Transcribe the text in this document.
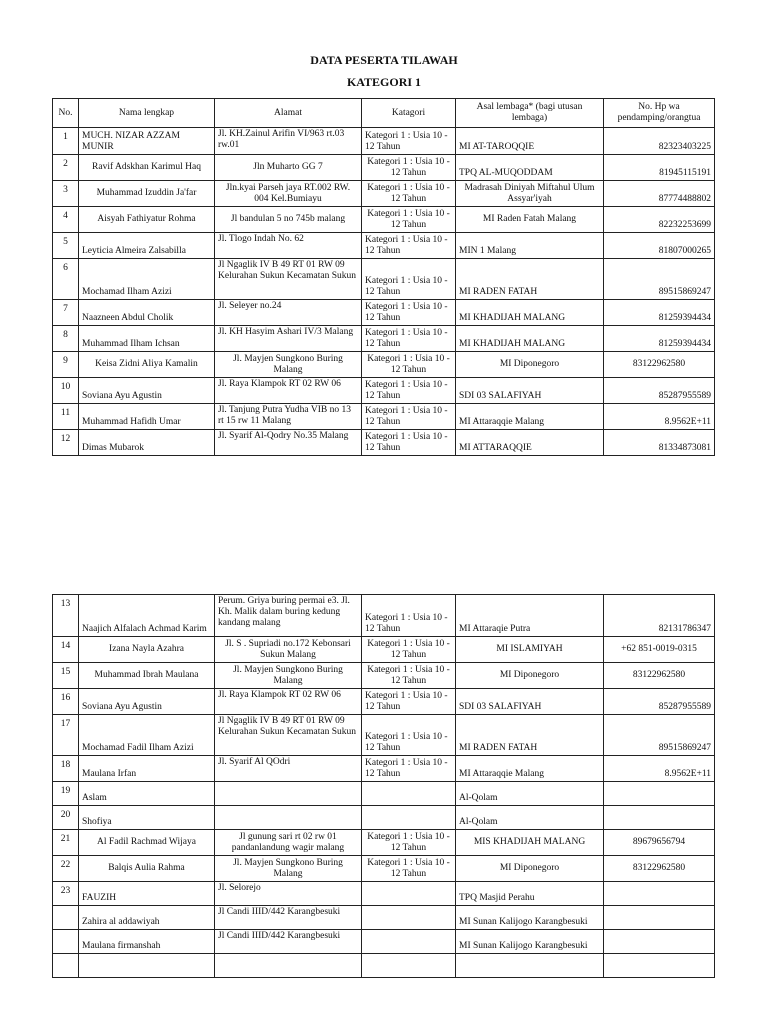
DATA PESERTA TILAWAH
KATEGORI 1
No.	Nama lengkap	Alamat	Katagori	Asal lembaga* (bagi utusan lembaga)	No. Hp wa pendamping/orangtua
1	MUCH. NIZAR AZZAM MUNIR	Jl. KH.Zainul Arifin VI/963 rt.03 rw.01	Kategori 1 : Usia 10 - 12 Tahun	MI AT-TAROQQIE	82323403225
2	Ravif Adskhan Karimul Haq	Jln Muharto GG 7	Kategori 1 : Usia 10 - 12 Tahun	TPQ AL-MUQODDAM	81945115191
3	Muhammad Izuddin Ja'far	Jln.kyai Parseh jaya RT.002 RW. 004 Kel.Bumiayu	Kategori 1 : Usia 10 - 12 Tahun	Madrasah Diniyah Miftahul Ulum Assyar'iyah	87774488802
4	Aisyah Fathiyatur Rohma	Jl bandulan 5 no 745b malang	Kategori 1 : Usia 10 - 12 Tahun	MI Raden Fatah Malang	82232253699
5	Leyticia Almeira Zalsabilla	Jl. Tlogo Indah No. 62	Kategori 1 : Usia 10 - 12 Tahun	MIN 1 Malang	81807000265
6	Mochamad Ilham Azizi	Jl Ngaglik IV B 49 RT 01 RW 09 Kelurahan Sukun Kecamatan Sukun	Kategori 1 : Usia 10 - 12 Tahun	MI RADEN FATAH	89515869247
7	Naazneen Abdul Cholik	Jl. Seleyer no.24	Kategori 1 : Usia 10 - 12 Tahun	MI KHADIJAH MALANG	81259394434
8	Muhammad Ilham Ichsan	Jl. KH Hasyim Ashari IV/3 Malang	Kategori 1 : Usia 10 - 12 Tahun	MI KHADIJAH MALANG	81259394434
9	Keisa Zidni Aliya Kamalin	Jl. Mayjen Sungkono Buring Malang	Kategori 1 : Usia 10 - 12 Tahun	MI Diponegoro	83122962580
10	Soviana Ayu Agustin	Jl. Raya Klampok RT 02 RW 06	Kategori 1 : Usia 10 - 12 Tahun	SDI 03 SALAFIYAH	85287955589
11	Muhammad Hafidh Umar	Jl. Tanjung Putra Yudha VIB no 13 rt 15 rw 11 Malang	Kategori 1 : Usia 10 - 12 Tahun	MI Attaraqqie Malang	8.9562E+11
12	Dimas Mubarok	Jl. Syarif Al-Qodry No.35 Malang	Kategori 1 : Usia 10 - 12 Tahun	MI ATTARAQQIE	81334873081
13	Naajich Alfalach Achmad Karim	Perum. Griya buring permai e3. Jl. Kh. Malik dalam buring kedung kandang malang	Kategori 1 : Usia 10 - 12 Tahun	MI Attaraqie Putra	82131786347
14	Izana Nayla Azahra	Jl. S . Supriadi no.172 Kebonsari Sukun Malang	Kategori 1 : Usia 10 - 12 Tahun	MI ISLAMIYAH	+62 851-0019-0315
15	Muhammad Ibrah Maulana	Jl. Mayjen Sungkono Buring Malang	Kategori 1 : Usia 10 - 12 Tahun	MI Diponegoro	83122962580
16	Soviana Ayu Agustin	Jl. Raya Klampok RT 02 RW 06	Kategori 1 : Usia 10 - 12 Tahun	SDI 03 SALAFIYAH	85287955589
17	Mochamad Fadil Ilham Azizi	Jl Ngaglik IV B 49 RT 01 RW 09 Kelurahan Sukun Kecamatan Sukun	Kategori 1 : Usia 10 - 12 Tahun	MI RADEN FATAH	89515869247
18	Maulana Irfan	Jl. Syarif Al QOdri	Kategori 1 : Usia 10 - 12 Tahun	MI Attaraqqie Malang	8.9562E+11
19	Aslam			Al-Qolam	
20	Shofiya			Al-Qolam	
21	Al Fadil Rachmad Wijaya	Jl gunung sari rt 02 rw 01 pandanlandung wagir malang	Kategori 1 : Usia 10 - 12 Tahun	MIS KHADIJAH MALANG	89679656794
22	Balqis Aulia Rahma	Jl. Mayjen Sungkono Buring Malang	Kategori 1 : Usia 10 - 12 Tahun	MI Diponegoro	83122962580
23	FAUZIH	Jl. Selorejo		TPQ Masjid Perahu	
	Zahira al addawiyah	Jl Candi IIID/442 Karangbesuki		MI Sunan Kalijogo Karangbesuki	
	Maulana firmanshah	Jl Candi IIID/442 Karangbesuki		MI Sunan Kalijogo Karangbesuki	
